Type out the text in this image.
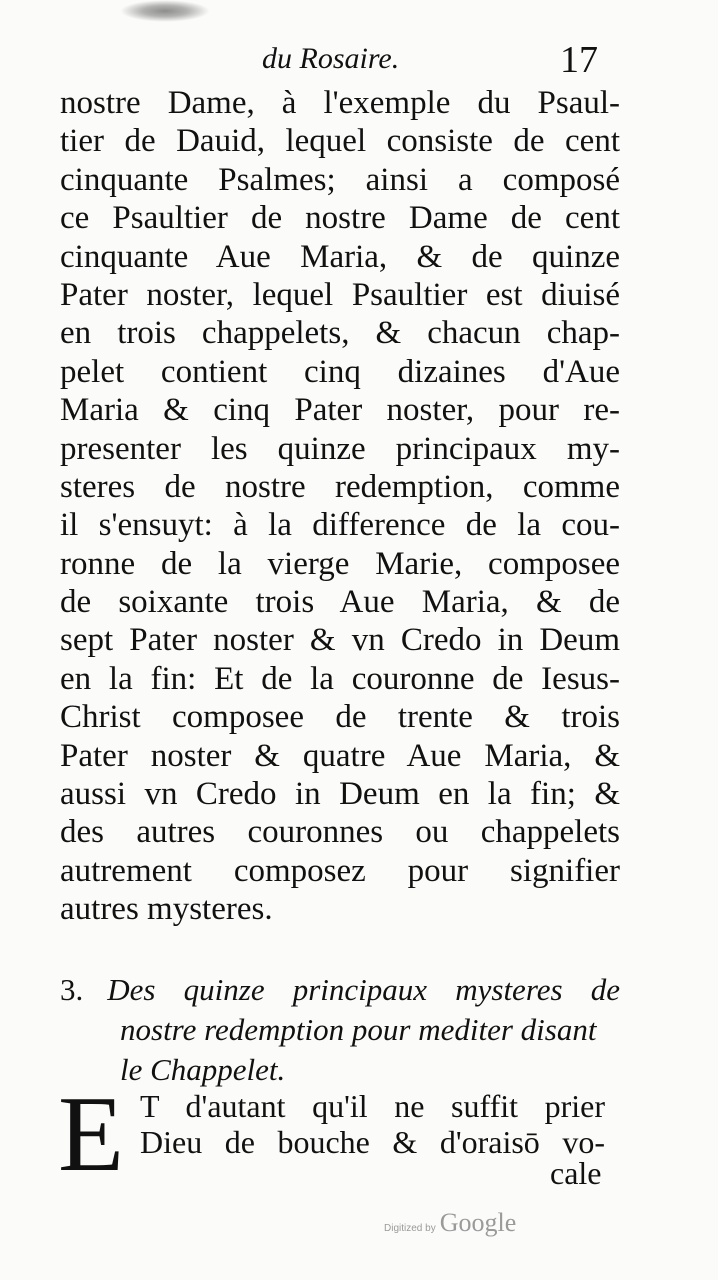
du Rosaire.	17
nostre Dame, à l'exemple du Psaul-
tier de Dauid, lequel consiste de cent
cinquante Psalmes; ainsi a composé
ce Psaultier de nostre Dame de cent
cinquante Aue Maria, & de quinze
Pater noster, lequel Psaultier est diuisé
en trois chappelets, & chacun chap-
pelet contient cinq dizaines d'Aue
Maria & cinq Pater noster, pour re-
presenter les quinze principaux my-
steres de nostre redemption, comme
il s'ensuyt: à la difference de la cou-
ronne de la vierge Marie, composee
de soixante trois Aue Maria, & de
sept Pater noster & vn Credo in Deum
en la fin: Et de la couronne de Iesus-
Christ composee de trente & trois
Pater noster & quatre Aue Maria, &
aussi vn Credo in Deum en la fin; &
des autres couronnes ou chappelets
autrement composez pour signifier
autres mysteres.
3. Des quinze principaux mysteres de
nostre redemption pour mediter disant
le Chappelet.
E T d'autant qu'il ne suffit prier
Dieu de bouche & d'oraisō vo-
cale
Digitized by Google
